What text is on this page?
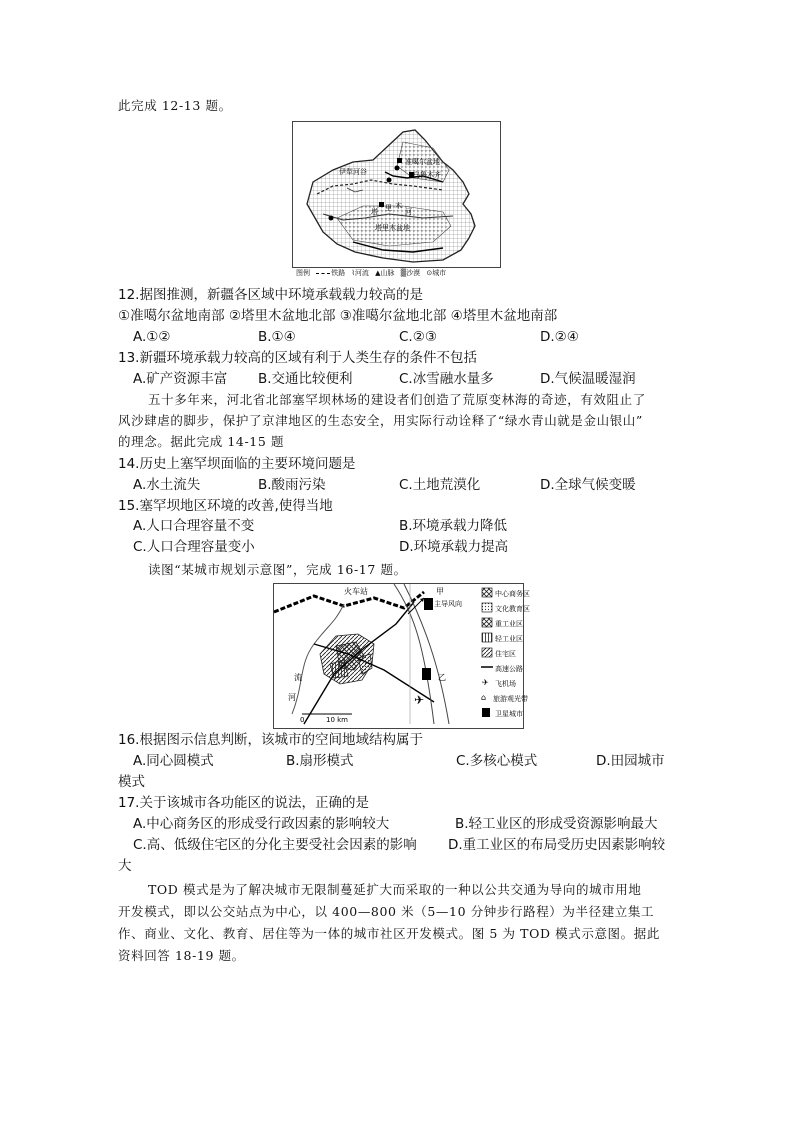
此完成 12-13 题。
准噶尔盆地
乌鲁木齐
伊犁河谷
塔 里 木
河
塔里木盆地
图例	铁路 ⌇河流 ▲山脉 ▒沙漠 ⊙城市
12.据图推测，新疆各区域中环境承载载力较高的是
①准噶尔盆地南部 ②塔里木盆地北部 ③准噶尔盆地北部 ④塔里木盆地南部
A.①②	B.①④	C.②③	D.②④
13.新疆环境承载力较高的区域有利于人类生存的条件不包括
A.矿产资源丰富 B.交通比较便利	C.冰雪融水量多	D.气候温暖湿润
五十多年来，河北省北部塞罕坝林场的建设者们创造了荒原变林海的奇迹，有效阻止了
风沙肆虐的脚步，保护了京津地区的生态安全，用实际行动诠释了“绿水青山就是金山银山”
的理念。据此完成 14-15 题
14.历史上塞罕坝面临的主要环境问题是
A.水土流失	B.酸雨污染	C.土地荒漠化	D.全球气候变暖
15.塞罕坝地区环境的改善,使得当地
A.人口合理容量不变	B.环境承载力降低
C.人口合理容量变小	D.环境承载力提高
读图“某城市规划示意图”，完成 16-17 题。
✈
火车站	甲
主导风向
乙
流
河
0	10 km
✈
⌂
中心商务区
文化教育区
重工业区
轻工业区
住宅区
高速公路
飞机场
旅游观光带
卫星城市
16.根据图示信息判断，该城市的空间地域结构属于
A.同心圆模式	B.扇形模式	C.多核心模式	D.田园城市
模式
17.关于该城市各功能区的说法，正确的是
A.中心商务区的形成受行政因素的影响较大	B.轻工业区的形成受资源影响最大
C.高、低级住宅区的分化主要受社会因素的影响 D.重工业区的布局受历史因素影响较
大
TOD 模式是为了解决城市无限制蔓延扩大而采取的一种以公共交通为导向的城市用地
开发模式，即以公交站点为中心，以 400—800 米（5—10 分钟步行路程）为半径建立集工
作、商业、文化、教育、居住等为一体的城市社区开发模式。图 5 为 TOD 模式示意图。据此
资料回答 18-19 题。
